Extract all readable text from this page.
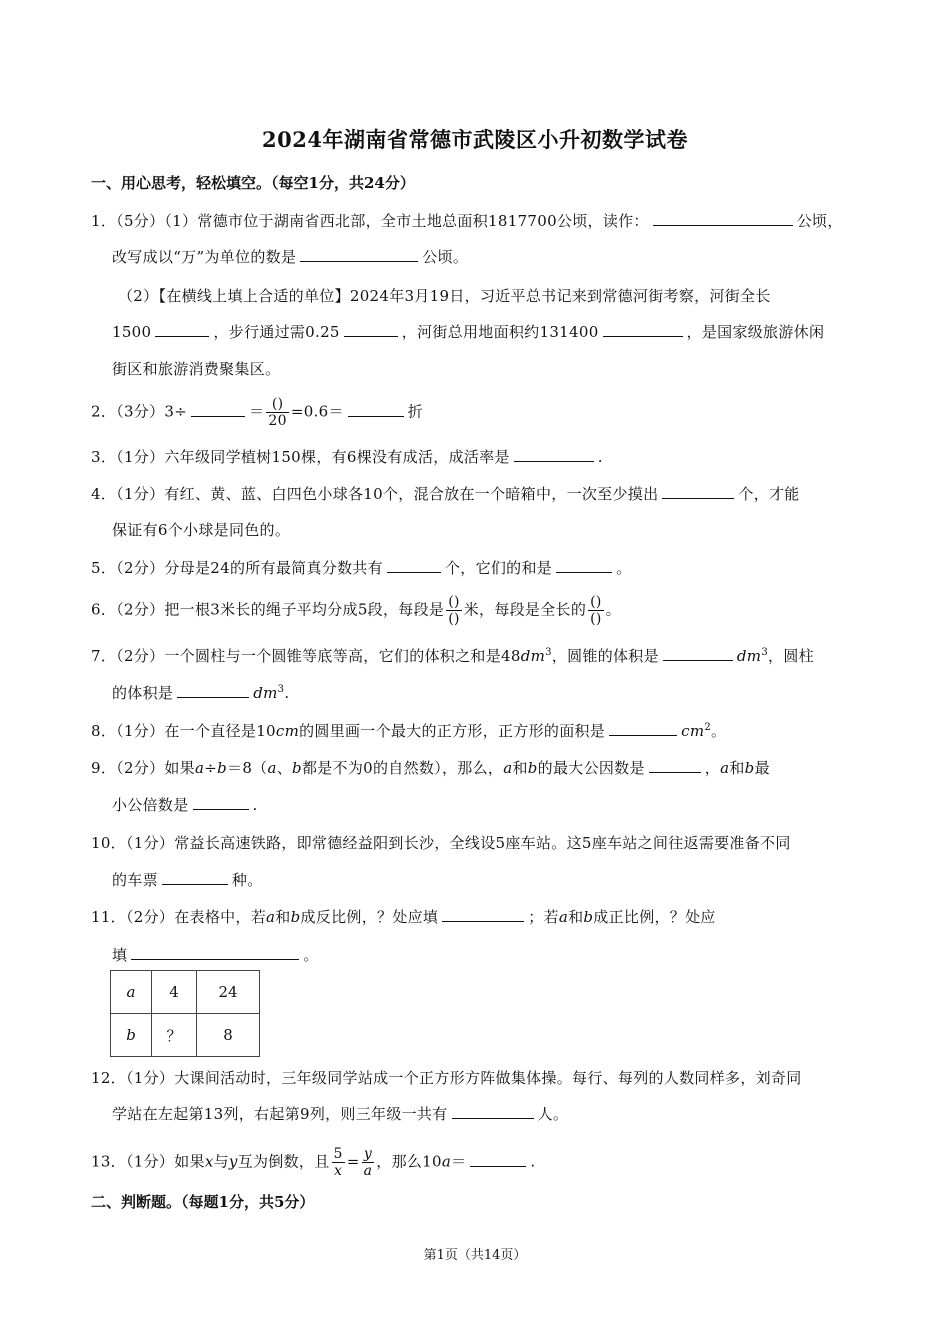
2024年湖南省常德市武陵区小升初数学试卷
一、用心思考，轻松填空。（每空1分，共24分）
1．（5分）（1）常德市位于湖南省西北部，全市土地总面积1817700公顷，读作：	公顷，
改写成以“万”为单位的数是	公顷。
（2）【在横线上填上合适的单位】2024年3月19日，习近平总书记来到常德河街考察，河街全长
1500	，步行通过需0.25	，河街总用地面积约131400	，是国家级旅游休闲
街区和旅游消费聚集区。
2．（3分）3÷	＝ $\frac{()}{20} =0.6=$	折
3．（1分）六年级同学植树150棵，有6棵没有成活，成活率是	.
4．（1分）有红、黄、蓝、白四色小球各10个，混合放在一个暗箱中，一次至少摸出	个，才能
保证有6个小球是同色的。
5．（2分）分母是24的所有最简真分数共有	个，它们的和是	。
6．（2分）把一根3米长的绳子平均分成5段，每段是 $\frac{()}{()}$ 米，每段是全长的 $\frac{()}{()}$ 。
7．（2分）一个圆柱与一个圆锥等底等高，它们的体积之和是$48dm^3$，圆锥的体积是	$dm^3$，圆柱
的体积是	$dm^3$.
8．（1分）在一个直径是10cm的圆里画一个最大的正方形，正方形的面积是	$cm^2$。
9．（2分）如果a÷b＝8（a、b都是不为0的自然数），那么，a和b的最大公因数是	，a和b最
小公倍数是	.
10．（1分）常益长高速铁路，即常德经益阳到长沙，全线设5座车站。这5座车站之间往返需要准备不同
的车票	种。
11．（2分）在表格中，若a和b成反比例，？处应填	；若a和b成正比例，？处应
填	。
a	4	24
b	？	8
12．（1分）大课间活动时，三年级同学站成一个正方形方阵做集体操。每行、每列的人数同样多，刘奇同
学站在左起第13列，右起第9列，则三年级一共有	人。
13．（1分）如果x与y互为倒数，且 $\frac{5}{x} = \frac{y}{a}$ ，那么10a＝	.
二、判断题。（每题1分，共5分）
第1页（共14页）
